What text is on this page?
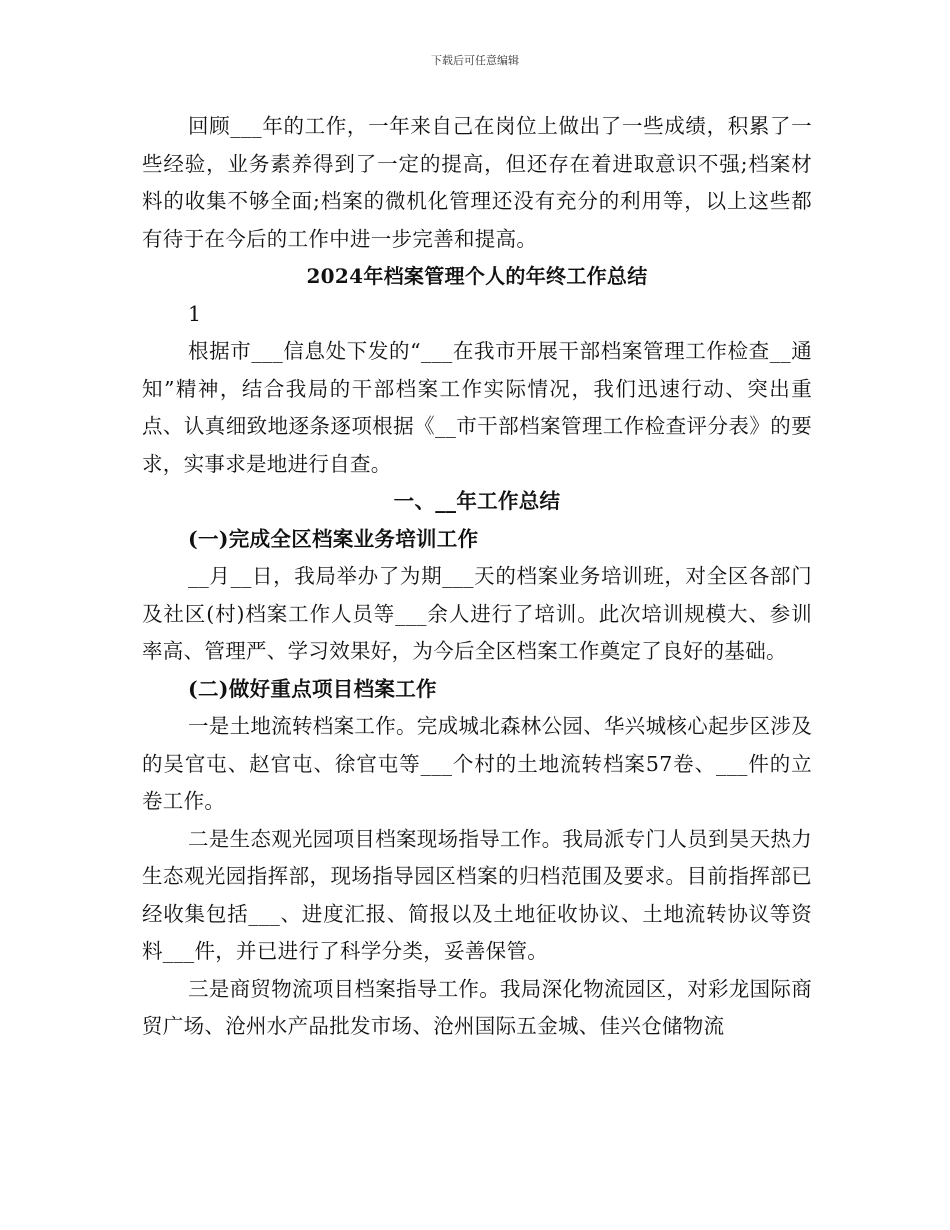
下载后可任意编辑

回顾___年的工作，一年来自己在岗位上做出了一些成绩，积累了一些经验，业务素养得到了一定的提高，但还存在着进取意识不强;档案材料的收集不够全面;档案的微机化管理还没有充分的利用等，以上这些都有待于在今后的工作中进一步完善和提高。

2024年档案管理个人的年终工作总结

1

根据市___信息处下发的“___在我市开展干部档案管理工作检查__通知”精神，结合我局的干部档案工作实际情况，我们迅速行动、突出重点、认真细致地逐条逐项根据《__市干部档案管理工作检查评分表》的要求，实事求是地进行自查。

一、__年工作总结

(一)完成全区档案业务培训工作

__月__日，我局举办了为期___天的档案业务培训班，对全区各部门及社区(村)档案工作人员等___余人进行了培训。此次培训规模大、参训率高、管理严、学习效果好，为今后全区档案工作奠定了良好的基础。

(二)做好重点项目档案工作

一是土地流转档案工作。完成城北森林公园、华兴城核心起步区涉及的吴官屯、赵官屯、徐官屯等___个村的土地流转档案57卷、___件的立卷工作。

二是生态观光园项目档案现场指导工作。我局派专门人员到昊天热力生态观光园指挥部，现场指导园区档案的归档范围及要求。目前指挥部已经收集包括___、进度汇报、简报以及土地征收协议、土地流转协议等资料___件，并已进行了科学分类，妥善保管。

三是商贸物流项目档案指导工作。我局深化物流园区，对彩龙国际商贸广场、沧州水产品批发市场、沧州国际五金城、佳兴仓储物流
